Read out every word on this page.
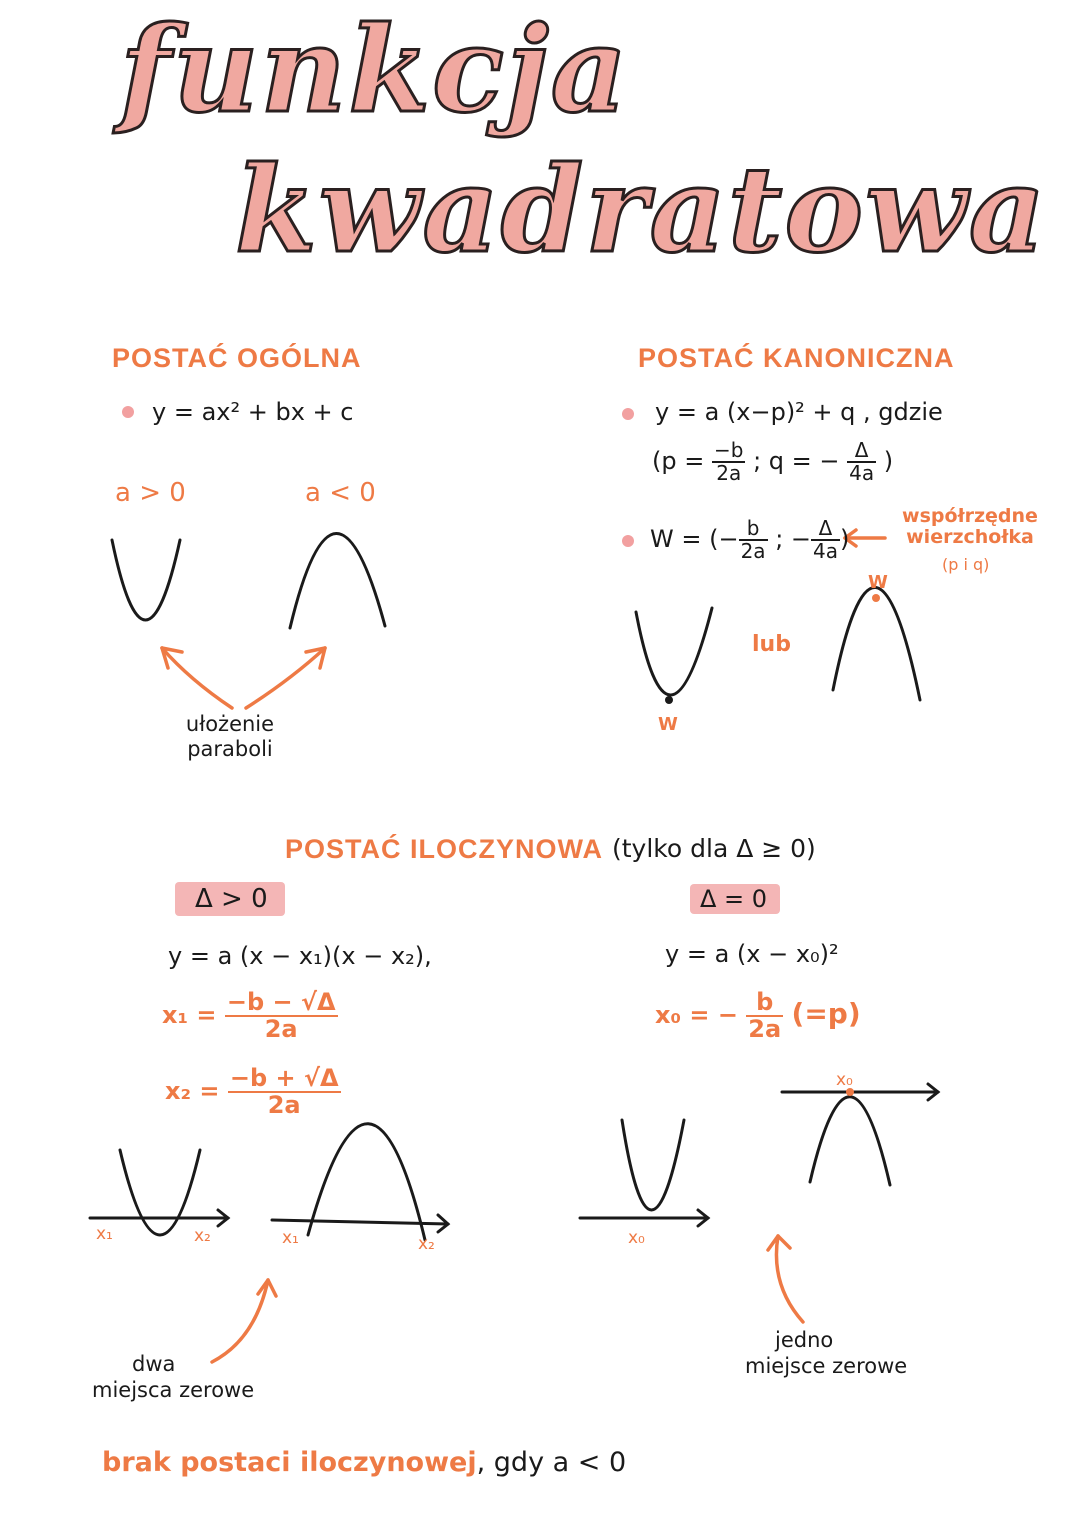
funkcja
kwadratowa
POSTAĆ OGÓLNA
y = ax² + bx + c
a > 0	a < 0
ułożenie paraboli
POSTAĆ KANONICZNA
y = a (x−p)² + q , gdzie
($p = \frac{-b}{2a}$ ; q = − $\frac{\Delta}{4a}$ )
W = (− $\frac{b}{2a}$ ; − $\frac{\Delta}{4a}$ )
współrzędne wierzchołka
(p i q)
lub
W
W
POSTAĆ ILOCZYNOWA (tylko dla Δ ≥ 0)
Δ > 0	Δ = 0
y = a (x − x₁)(x − x₂),
$x_1 = \frac{-b - √\Delta}{2a}$
$x_2 = \frac{-b + √\Delta}{2a}$
y = a (x − x₀)²
x₀ = − $\frac{b}{2a} (=p)$
x₁	x₂	x₁	x₂	x₀
x₀
dwa
miejsca zerowe
jedno
miejsce zerowe
brak postaci iloczynowej, gdy a < 0
